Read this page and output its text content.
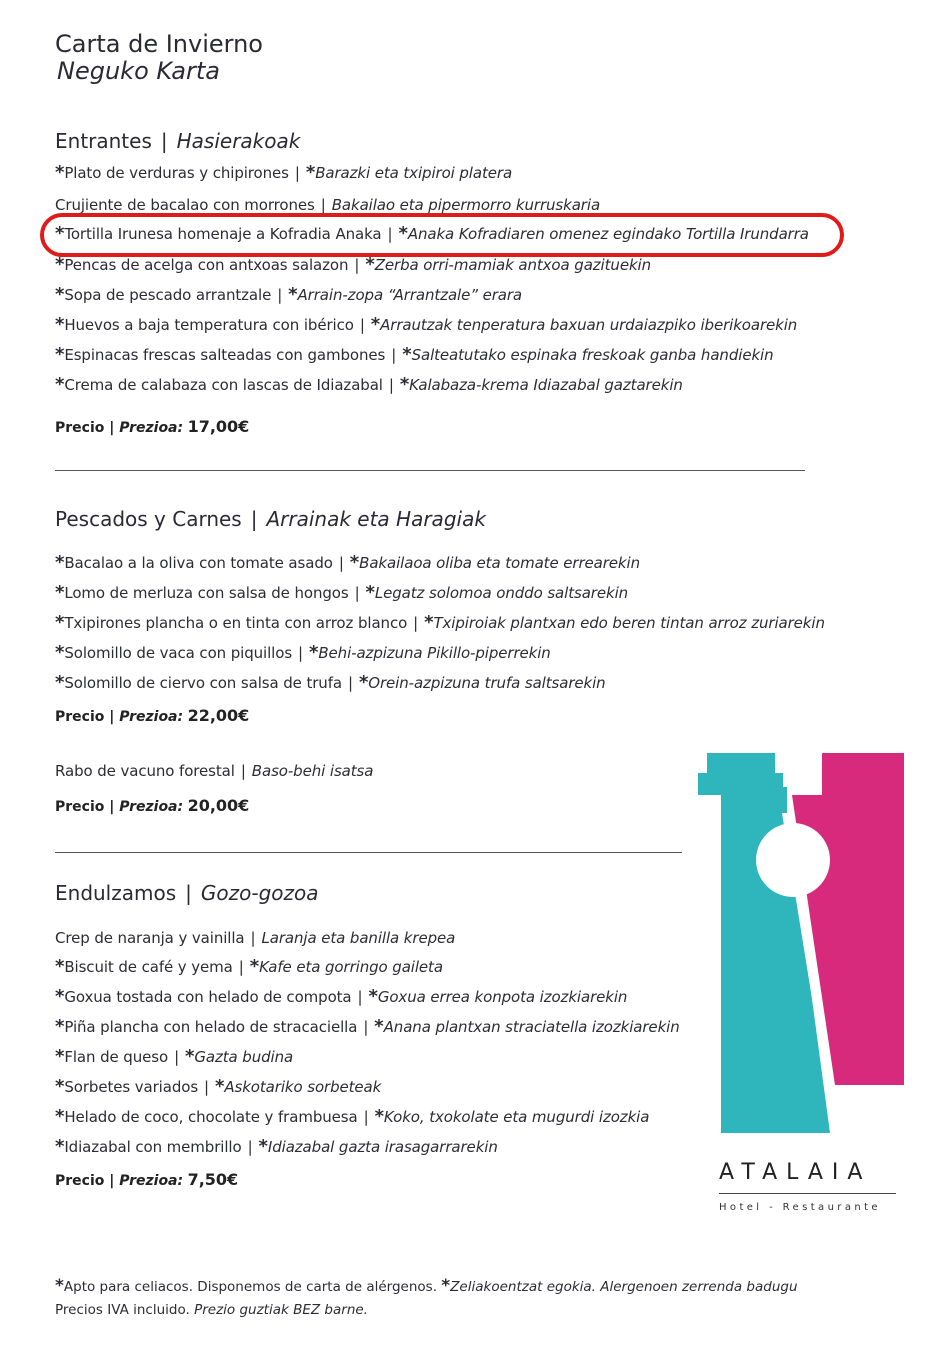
Carta de Invierno
Neguko Karta
Entrantes | Hasierakoak
*Plato de verduras y chipirones | *Barazki eta txipiroi platera
Crujiente de bacalao con morrones | Bakailao eta pipermorro kurruskaria
*Tortilla Irunesa homenaje a Kofradia Anaka | *Anaka Kofradiaren omenez egindako Tortilla Irundarra
*Pencas de acelga con antxoas salazon | *Zerba orri-mamiak antxoa gazituekin
*Sopa de pescado arrantzale | *Arrain-zopa “Arrantzale” erara
*Huevos a baja temperatura con ibérico | *Arrautzak tenperatura baxuan urdaiazpiko iberikoarekin
*Espinacas frescas salteadas con gambones | *Salteatutako espinaka freskoak ganba handiekin
*Crema de calabaza con lascas de Idiazabal | *Kalabaza-krema Idiazabal gaztarekin
Precio | Prezioa: 17,00€
Pescados y Carnes | Arrainak eta Haragiak
*Bacalao a la oliva con tomate asado | *Bakailaoa oliba eta tomate errearekin
*Lomo de merluza con salsa de hongos | *Legatz solomoa onddo saltsarekin
*Txipirones plancha o en tinta con arroz blanco | *Txipiroiak plantxan edo beren tintan arroz zuriarekin
*Solomillo de vaca con piquillos | *Behi-azpizuna Pikillo-piperrekin
*Solomillo de ciervo con salsa de trufa | *Orein-azpizuna trufa saltsarekin
Precio | Prezioa: 22,00€
Rabo de vacuno forestal | Baso-behi isatsa
Precio | Prezioa: 20,00€
Endulzamos | Gozo-gozoa
Crep de naranja y vainilla | Laranja eta banilla krepea
*Biscuit de café y yema | *Kafe eta gorringo gaileta
*Goxua tostada con helado de compota | *Goxua errea konpota izozkiarekin
*Piña plancha con helado de stracaciella | *Anana plantxan straciatella izozkiarekin
*Flan de queso | *Gazta budina
*Sorbetes variados | *Askotariko sorbeteak
*Helado de coco, chocolate y frambuesa | *Koko, txokolate eta mugurdi izozkia
*Idiazabal con membrillo | *Idiazabal gazta irasagarrarekin
Precio | Prezioa: 7,50€	ATALAIA
Hotel - Restaurante
*Apto para celiacos. Disponemos de carta de alérgenos. *Zeliakoentzat egokia. Alergenoen zerrenda badugu
Precios IVA incluido. Prezio guztiak BEZ barne.
